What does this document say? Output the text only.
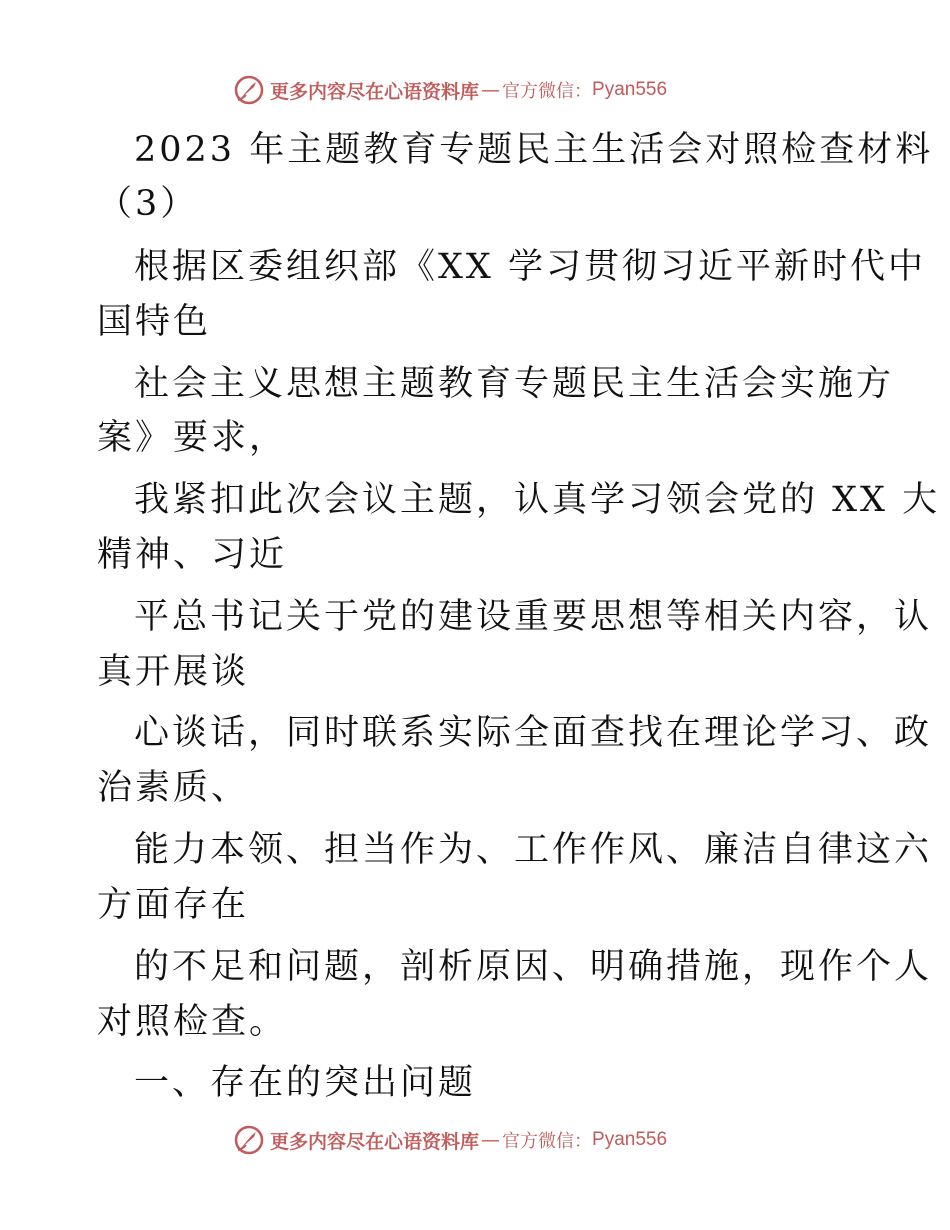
更多内容尽在心语资料库 — 官方微信： Pyan556
2023 年主题教育专题民主生活会对照检查材料
（3）
根据区委组织部《XX 学习贯彻习近平新时代中
国特色
社会主义思想主题教育专题民主生活会实施方
案》要求，
我紧扣此次会议主题，认真学习领会党的 XX 大
精神、习近
平总书记关于党的建设重要思想等相关内容，认
真开展谈
心谈话，同时联系实际全面查找在理论学习、政
治素质、
能力本领、担当作为、工作作风、廉洁自律这六
方面存在
的不足和问题，剖析原因、明确措施，现作个人
对照检查。
一、存在的突出问题
更多内容尽在心语资料库 — 官方微信： Pyan556
